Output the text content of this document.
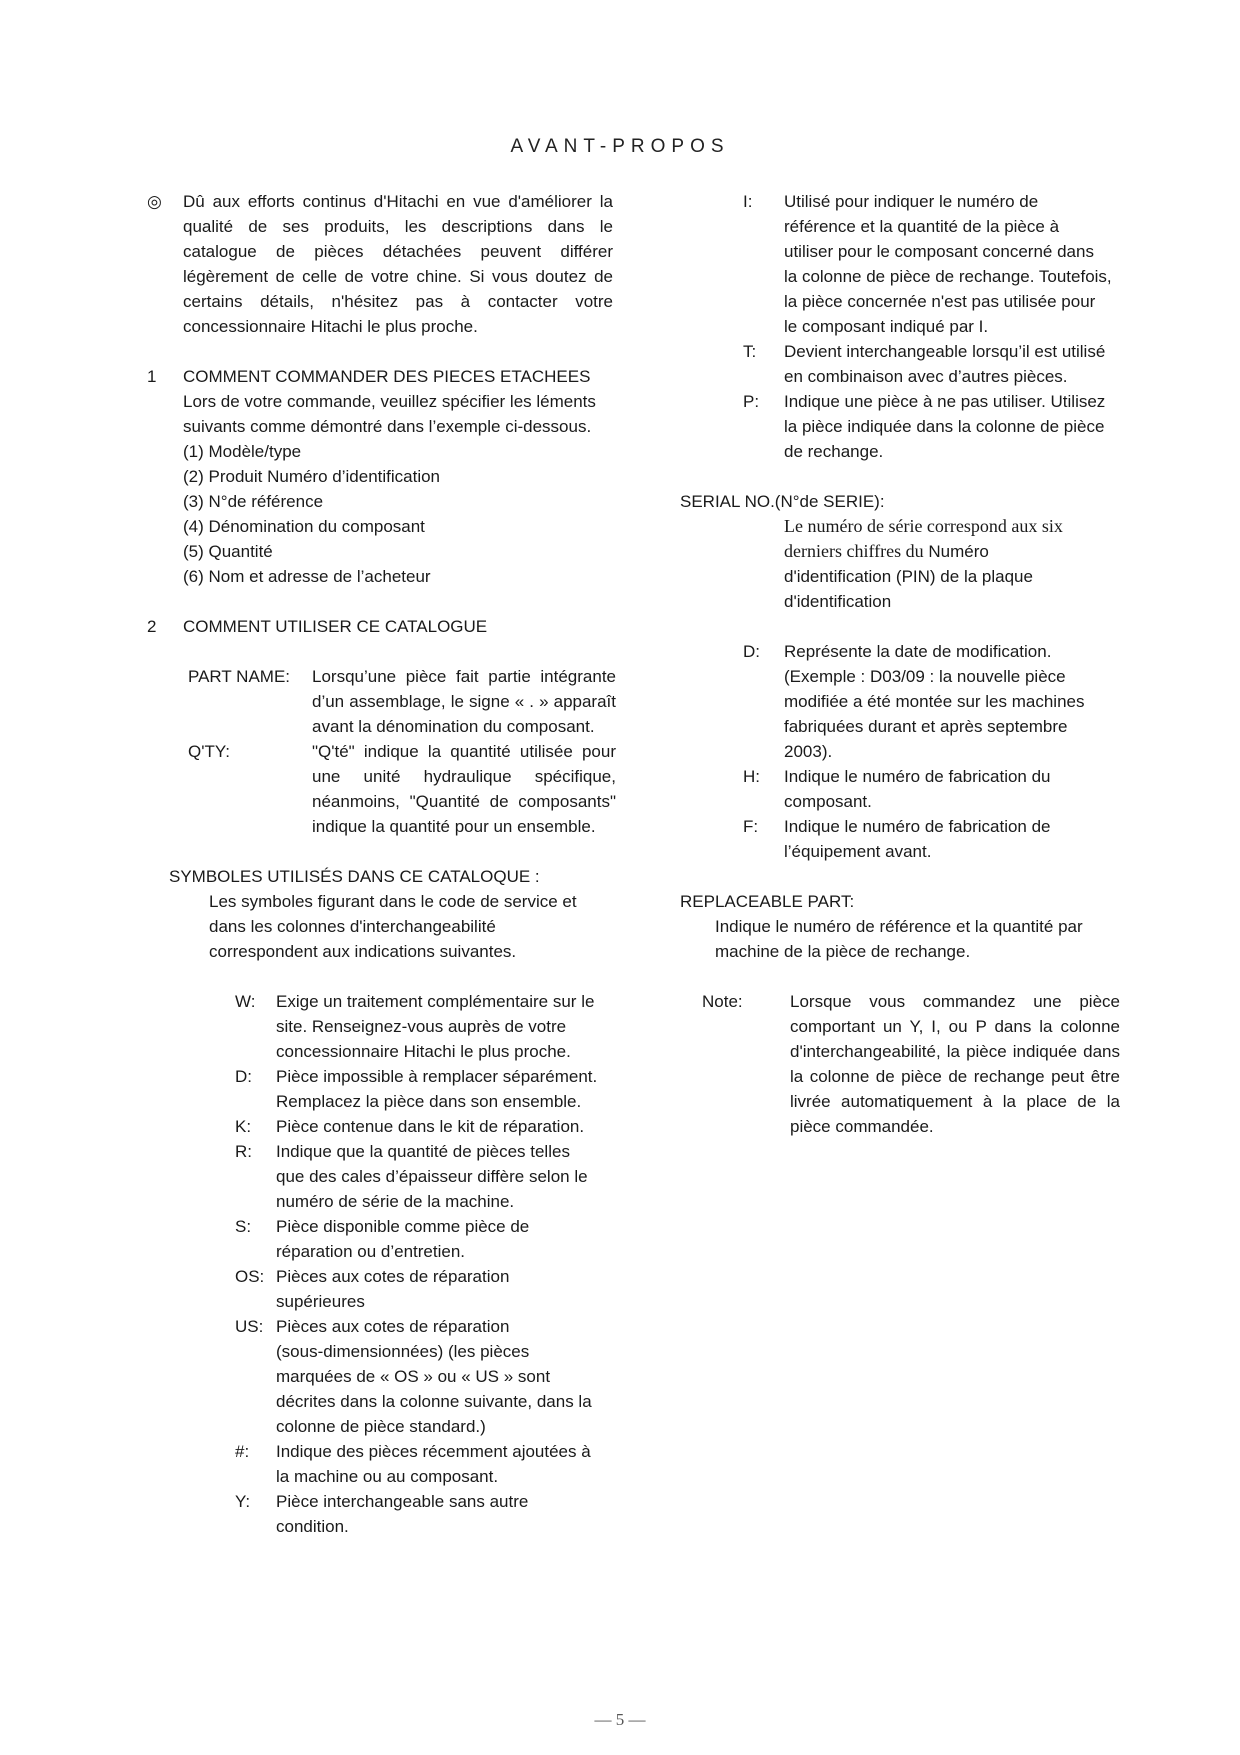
AVANT-PROPOS
◎	Dû aux efforts continus d'Hitachi en vue d'améliorer la qualité de ses produits, les descriptions dans le catalogue de pièces détachées peuvent différer légèrement de celle de votre chine. Si vous doutez de certains détails, n'hésitez pas à contacter votre concessionnaire Hitachi le plus proche.
1	COMMENT COMMANDER DES PIECES ETACHEES
Lors de votre commande, veuillez spécifier les léments
suivants comme démontré dans l’exemple ci-dessous.
(1) Modèle/type
(2) Produit Numéro d’identification
(3) N°de référence
(4) Dénomination du composant
(5) Quantité
(6) Nom et adresse de l’acheteur
2	COMMENT UTILISER CE CATALOGUE
PART NAME:	Lorsqu’une pièce fait partie intégrante d’un assemblage, le signe « . » apparaît avant la dénomination du composant.
Q'TY:	"Q'té" indique la quantité utilisée pour une unité hydraulique spécifique, néanmoins, "Quantité de composants" indique la quantité pour un ensemble.
SYMBOLES UTILISÉS DANS CE CATALOQUE :
Les symboles figurant dans le code de service et
dans les colonnes d'interchangeabilité
correspondent aux indications suivantes.
W:	Exige un traitement complémentaire sur le
site. Renseignez-vous auprès de votre
concessionnaire Hitachi le plus proche.
D:	Pièce impossible à remplacer séparément.
Remplacez la pièce dans son ensemble.
K:	Pièce contenue dans le kit de réparation.
R:	Indique que la quantité de pièces telles
que des cales d’épaisseur diffère selon le
numéro de série de la machine.
S:	Pièce disponible comme pièce de
réparation ou d’entretien.
OS: Pièces aux cotes de réparation
supérieures
US: Pièces aux cotes de réparation
(sous-dimensionnées) (les pièces
marquées de « OS » ou « US » sont
décrites dans la colonne suivante, dans la
colonne de pièce standard.)
#:	Indique des pièces récemment ajoutées à
la machine ou au composant.
Y:	Pièce interchangeable sans autre
condition.
I:	Utilisé pour indiquer le numéro de
référence et la quantité de la pièce à
utiliser pour le composant concerné dans
la colonne de pièce de rechange. Toutefois,
la pièce concernée n'est pas utilisée pour
le composant indiqué par I.
T:	Devient interchangeable lorsqu’il est utilisé
en combinaison avec d’autres pièces.
P:	Indique une pièce à ne pas utiliser. Utilisez
la pièce indiquée dans la colonne de pièce
de rechange.
SERIAL NO.(N°de SERIE):
Le numéro de série correspond aux six
derniers chiffres du Numéro
d'identification (PIN) de la plaque
d'identification
D:	Représente la date de modification.
(Exemple : D03/09 : la nouvelle pièce
modifiée a été montée sur les machines
fabriquées durant et après septembre
2003).
H:	Indique le numéro de fabrication du
composant.
F:	Indique le numéro de fabrication de
l’équipement avant.
REPLACEABLE PART:
Indique le numéro de référence et la quantité par
machine de la pièce de rechange.
Note:	Lorsque vous commandez une pièce comportant un Y, I, ou P dans la colonne d'interchangeabilité, la pièce indiquée dans la colonne de pièce de rechange peut être livrée automatiquement à la place de la pièce commandée.
— 5 —
